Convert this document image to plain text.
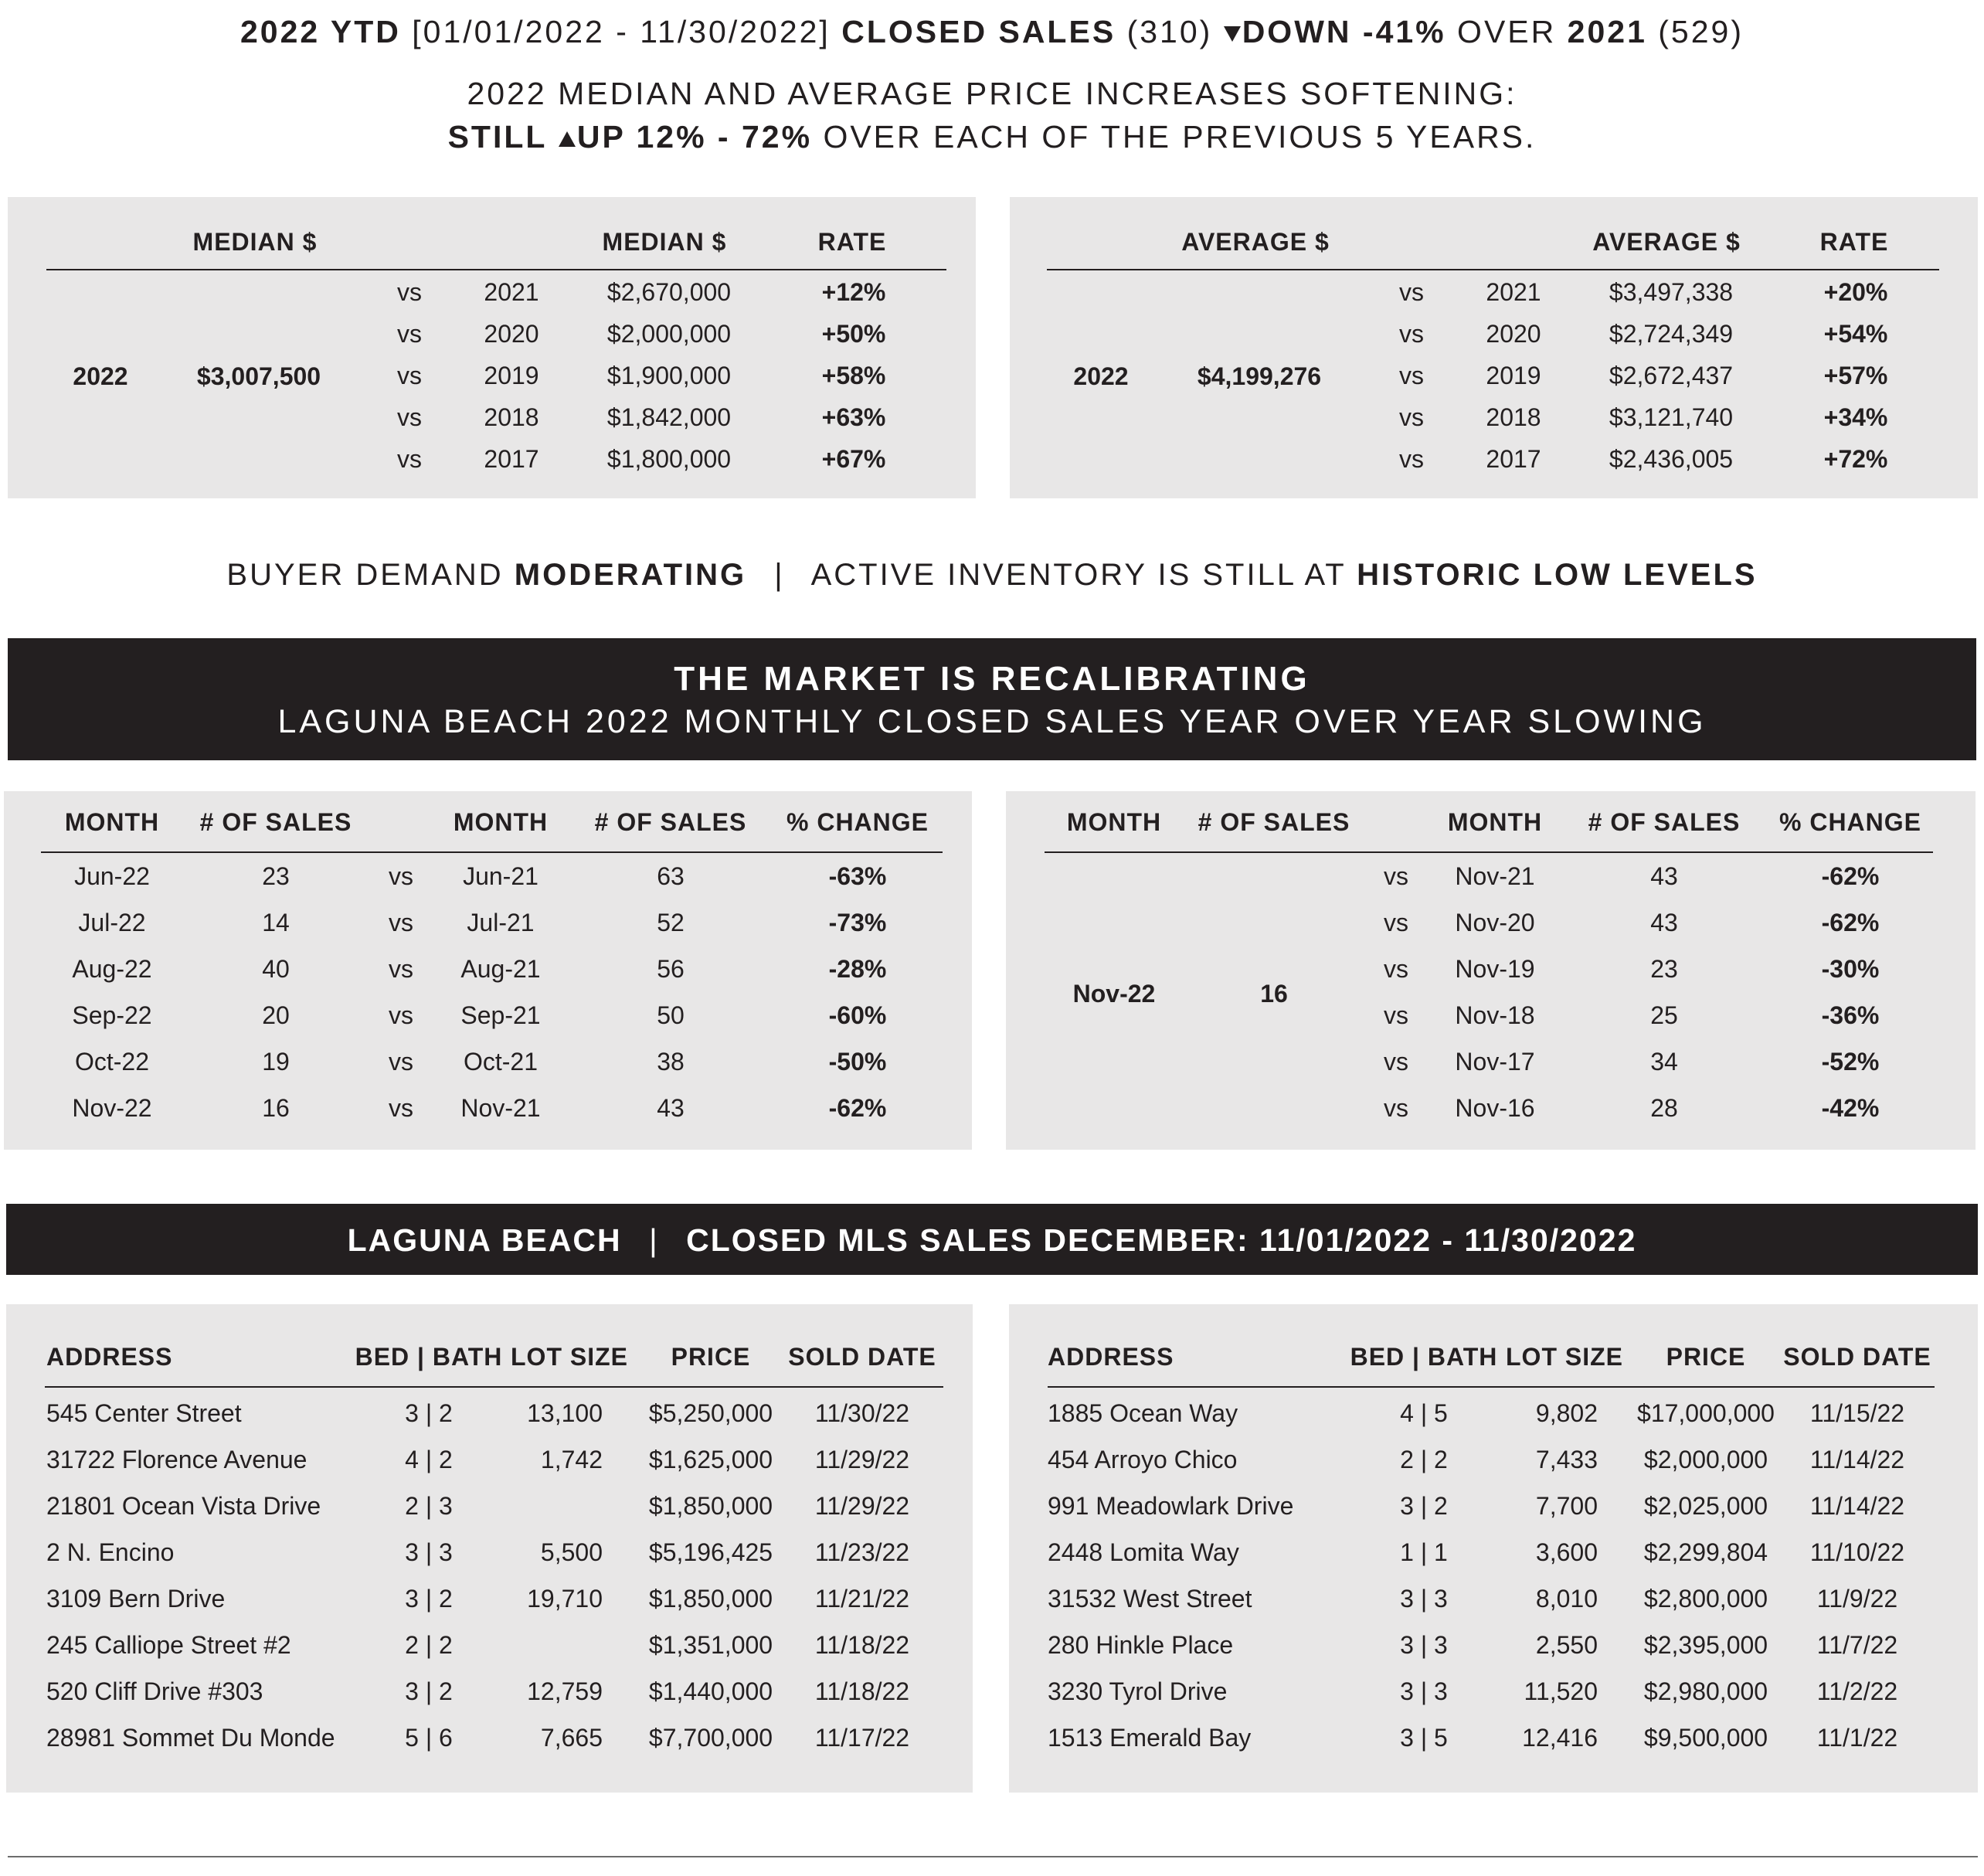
2022 YTD [01/01/2022 - 11/30/2022] CLOSED SALES (310) DOWN -41% OVER 2021 (529)
2022 MEDIAN AND AVERAGE PRICE INCREASES SOFTENING:
STILL UP 12% - 72% OVER EACH OF THE PREVIOUS 5 YEARS.
MEDIAN $	MEDIAN $	RATE
2022	$3,007,500
vs	2021	$2,670,000	+12%
vs	2020	$2,000,000	+50%
vs	2019	$1,900,000	+58%
vs	2018	$1,842,000	+63%
vs	2017	$1,800,000	+67%
AVERAGE $	AVERAGE $	RATE
2022	$4,199,276
vs	2021	$3,497,338	+20%
vs	2020	$2,724,349	+54%
vs	2019	$2,672,437	+57%
vs	2018	$3,121,740	+34%
vs	2017	$2,436,005	+72%
BUYER DEMAND MODERATING | ACTIVE INVENTORY IS STILL AT HISTORIC LOW LEVELS
THE MARKET IS RECALIBRATING
LAGUNA BEACH 2022 MONTHLY CLOSED SALES YEAR OVER YEAR SLOWING
MONTH # OF SALES	MONTH # OF SALES % CHANGE
Jun-22	23	vs Jun-21	63	-63%
Jul-22	14	vs Jul-21	52	-73%
Aug-22	40	vs Aug-21	56	-28%
Sep-22	20	vs Sep-21	50	-60%
Oct-22	19	vs Oct-21	38	-50%
Nov-22	16	vs Nov-21	43	-62%
MONTH # OF SALES	MONTH # OF SALES % CHANGE
Nov-22	16
vs Nov-21	43	-62%
vs Nov-20	43	-62%
vs Nov-19	23	-30%
vs Nov-18	25	-36%
vs Nov-17	34	-52%
vs Nov-16	28	-42%
LAGUNA BEACH | CLOSED MLS SALES DECEMBER: 11/01/2022 - 11/30/2022
ADDRESS	BED | BATH LOT SIZE PRICE SOLD DATE
545 Center Street	3 | 2	13,100 $5,250,000 11/30/22
31722 Florence Avenue	4 | 2	1,742 $1,625,000 11/29/22
21801 Ocean Vista Drive	2 | 3	$1,850,000 11/29/22
2 N. Encino	3 | 3	5,500 $5,196,425 11/23/22
3109 Bern Drive	3 | 2	19,710 $1,850,000 11/21/22
245 Calliope Street #2	2 | 2	$1,351,000 11/18/22
520 Cliff Drive #303	3 | 2	12,759 $1,440,000 11/18/22
28981 Sommet Du Monde	5 | 6	7,665 $7,700,000 11/17/22
ADDRESS	BED | BATH LOT SIZE PRICE SOLD DATE
1885 Ocean Way	4 | 5	9,802 $17,000,000 11/15/22
454 Arroyo Chico	2 | 2	7,433 $2,000,000 11/14/22
991 Meadowlark Drive	3 | 2	7,700 $2,025,000 11/14/22
2448 Lomita Way	1 | 1	3,600 $2,299,804 11/10/22
31532 West Street	3 | 3	8,010 $2,800,000 11/9/22
280 Hinkle Place	3 | 3	2,550 $2,395,000 11/7/22
3230 Tyrol Drive	3 | 3	11,520 $2,980,000 11/2/22
1513 Emerald Bay	3 | 5	12,416 $9,500,000 11/1/22
